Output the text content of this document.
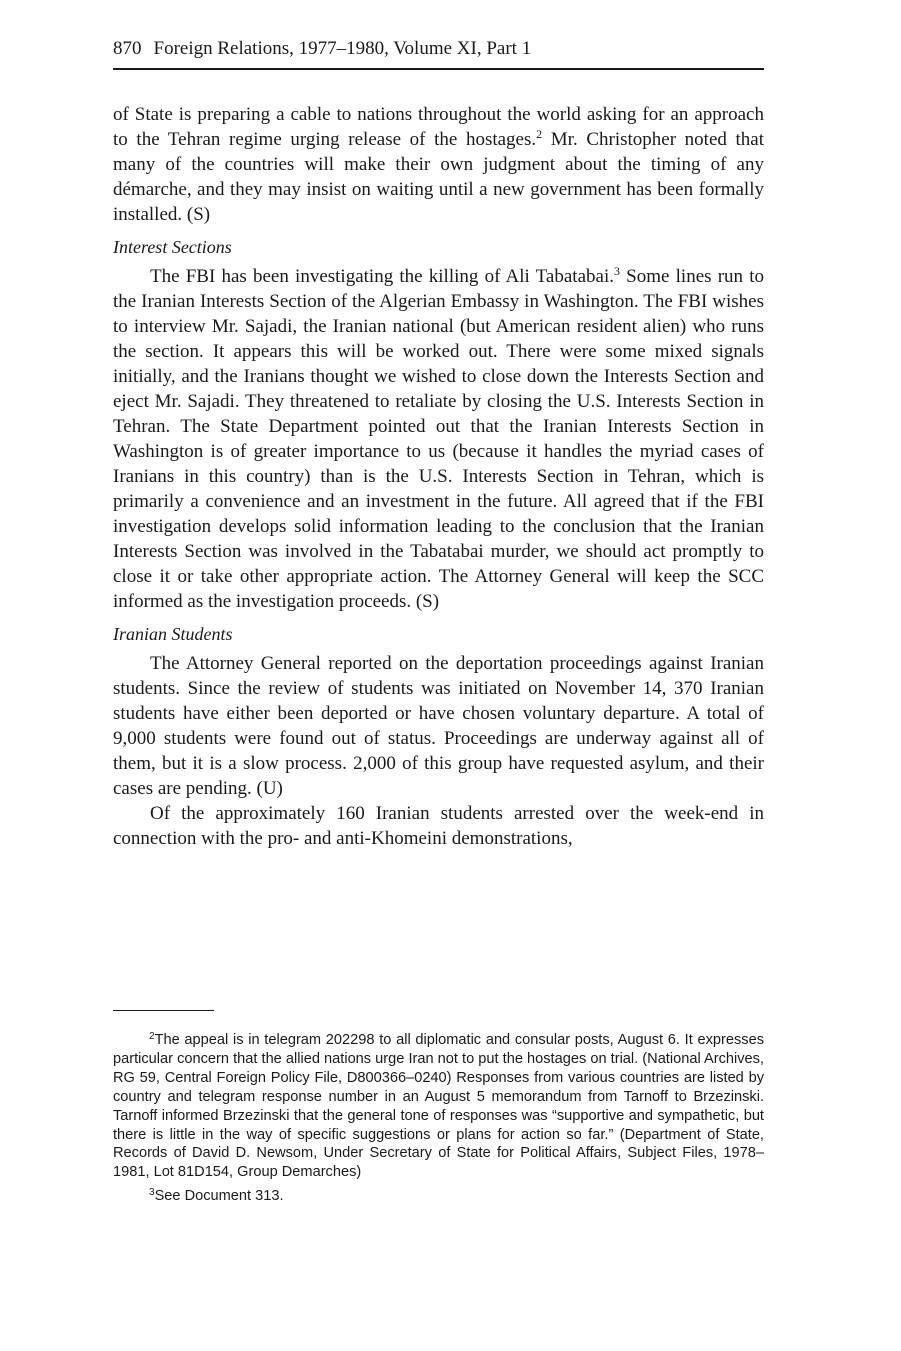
870 Foreign Relations, 1977–1980, Volume XI, Part 1

of State is preparing a cable to nations throughout the world asking for an approach to the Tehran regime urging release of the hostages.$^2$ Mr. Christopher noted that many of the countries will make their own judgment about the timing of any démarche, and they may insist on waiting until a new government has been formally installed. (S)

Interest Sections

The FBI has been investigating the killing of Ali Tabatabai.$^3$ Some lines run to the Iranian Interests Section of the Algerian Embassy in Washington. The FBI wishes to interview Mr. Sajadi, the Iranian national (but American resident alien) who runs the section. It appears this will be worked out. There were some mixed signals initially, and the Iranians thought we wished to close down the Interests Section and eject Mr. Sajadi. They threatened to retaliate by closing the U.S. Interests Section in Tehran. The State Department pointed out that the Iranian Interests Section in Washington is of greater importance to us (because it handles the myriad cases of Iranians in this country) than is the U.S. Interests Section in Tehran, which is primarily a convenience and an investment in the future. All agreed that if the FBI investigation develops solid information leading to the conclusion that the Iranian Interests Section was involved in the Tabatabai murder, we should act promptly to close it or take other appropriate action. The Attorney General will keep the SCC informed as the investigation proceeds. (S)

Iranian Students

The Attorney General reported on the deportation proceedings against Iranian students. Since the review of students was initiated on November 14, 370 Iranian students have either been deported or have chosen voluntary departure. A total of 9,000 students were found out of status. Proceedings are underway against all of them, but it is a slow process. 2,000 of this group have requested asylum, and their cases are pending. (U)

Of the approximately 160 Iranian students arrested over the week-end in connection with the pro- and anti-Khomeini demonstrations,

$^2$The appeal is in telegram 202298 to all diplomatic and consular posts, August 6. It expresses particular concern that the allied nations urge Iran not to put the hostages on trial. (National Archives, RG 59, Central Foreign Policy File, D800366–0240) Responses from various countries are listed by country and telegram response number in an August 5 memorandum from Tarnoff to Brzezinski. Tarnoff informed Brzezinski that the general tone of responses was “supportive and sympathetic, but there is little in the way of specific suggestions or plans for action so far.” (Department of State, Records of David D. Newsom, Under Secretary of State for Political Affairs, Subject Files, 1978–1981, Lot 81D154, Group Demarches)

$^3$See Document 313.
